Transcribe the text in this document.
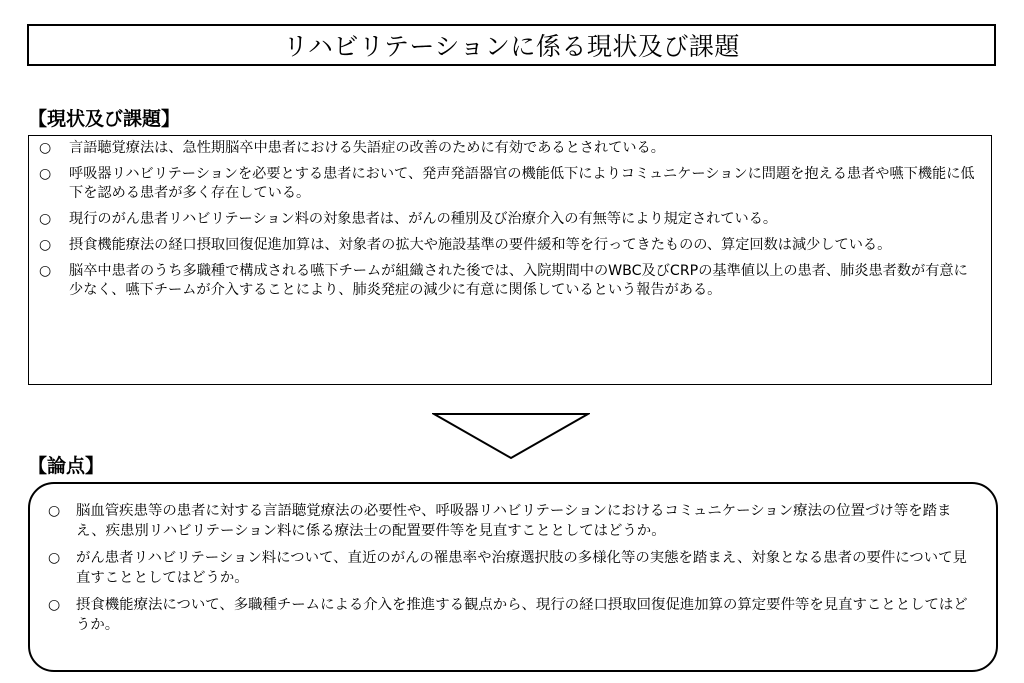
リハビリテーションに係る現状及び課題
【現状及び課題】
○	言語聴覚療法は、急性期脳卒中患者における失語症の改善のために有効であるとされている。
○	呼吸器リハビリテーションを必要とする患者において、発声発語器官の機能低下によりコミュニケーションに問題を抱える患者や嚥下機能に低下を認める患者が多く存在している。
○	現行のがん患者リハビリテーション料の対象患者は、がんの種別及び治療介入の有無等により規定されている。
○	摂食機能療法の経口摂取回復促進加算は、対象者の拡大や施設基準の要件緩和等を行ってきたものの、算定回数は減少している。
○	脳卒中患者のうち多職種で構成される嚥下チームが組織された後では、入院期間中のWBC及びCRPの基準値以上の患者、肺炎患者数が有意に少なく、嚥下チームが介入することにより、肺炎発症の減少に有意に関係しているという報告がある。
【論点】
○	脳血管疾患等の患者に対する言語聴覚療法の必要性や、呼吸器リハビリテーションにおけるコミュニケーション療法の位置づけ等を踏まえ、疾患別リハビリテーション料に係る療法士の配置要件等を見直すこととしてはどうか。
○	がん患者リハビリテーション料について、直近のがんの罹患率や治療選択肢の多様化等の実態を踏まえ、対象となる患者の要件について見直すこととしてはどうか。
○	摂食機能療法について、多職種チームによる介入を推進する観点から、現行の経口摂取回復促進加算の算定要件等を見直すこととしてはどうか。
